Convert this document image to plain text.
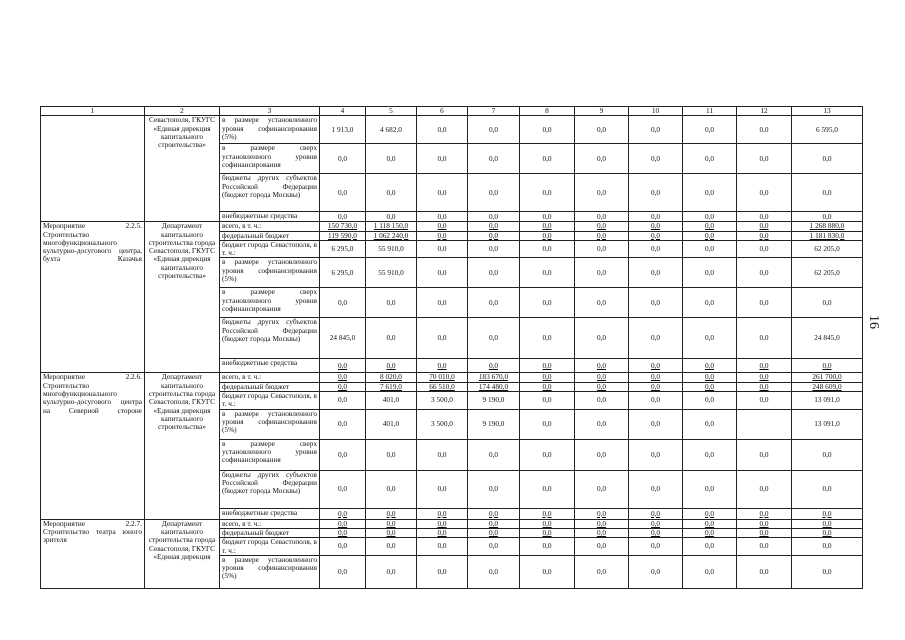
1	2	3	4	5	6	7	8	9	10	11	12	13
	Севастополя, ГКУГС «Единая дирекция капитального строительства»	в размере установленного уровня софинансирования (5%)	1 913,0	4 682,0	0,0	0,0	0,0	0,0	0,0	0,0	0,0	6 595,0
		в размере сверх установленного уровня софинансирования	0,0	0,0	0,0	0,0	0,0	0,0	0,0	0,0	0,0	0,0
		бюджеты других субъектов Российской Федерации (бюджет города Москвы)	0,0	0,0	0,0	0,0	0,0	0,0	0,0	0,0	0,0	0,0
		внебюджетные средства	0,0	0,0	0,0	0,0	0,0	0,0	0,0	0,0	0,0	0,0
Мероприятие 2.2.5. Строительство многофункционального культурно-досугового центра, бухта Казачья	Департамент капитального строительства города Севастополя, ГКУГС «Единая дирекция капитального строительства»	всего, в т. ч.:	150 730,0	1 118 150,0	0,0	0,0	0,0	0,0	0,0	0,0	0,0	1 268 880,0
		федеральный бюджет	119 590,0	1 062 240,0	0,0	0,0	0,0	0,0	0,0	0,0	0,0	1 181 830,0
		бюджет города Севастополя, в т. ч.:	6 295,0	55 910,0	0,0	0,0	0,0	0,0	0,0	0,0	0,0	62 205,0
		в размере установленного уровня софинансирования (5%)	6 295,0	55 910,0	0,0	0,0	0,0	0,0	0,0	0,0	0,0	62 205,0
		в размере сверх установленного уровня софинансирования	0,0	0,0	0,0	0,0	0,0	0,0	0,0	0,0	0,0	0,0
		бюджеты других субъектов Российской Федерации (бюджет города Москвы)	24 845,0	0,0	0,0	0,0	0,0	0,0	0,0	0,0	0,0	24 845,0
		внебюджетные средства	0,0	0,0	0,0	0,0	0,0	0,0	0,0	0,0	0,0	0,0
Мероприятие 2.2.6. Строительство многофункционального культурно-досугового центра на Северной стороне	Департамент капитального строительства города Севастополя, ГКУГС «Единая дирекция капитального строительства»	всего, в т. ч.:	0,0	8 020,0	70 010,0	183 670,0	0,0	0,0	0,0	0,0	0,0	261 700,0
		федеральный бюджет	0,0	7 619,0	66 510,0	174 480,0	0,0	0,0	0,0	0,0	0,0	248 609,0
		бюджет города Севастополя, в т. ч.:	0,0	401,0	3 500,0	9 190,0	0,0	0,0	0,0	0,0	0,0	13 091,0
		в размере установленного уровня софинансирования (5%)	0,0	401,0	3 500,0	9 190,0	0,0	0,0	0,0	0,0		13 091,0
		в размере сверх установленного уровня софинансирования	0,0	0,0	0,0	0,0	0,0	0,0	0,0	0,0	0,0	0,0
		бюджеты других субъектов Российской Федерации (бюджет города Москвы)	0,0	0,0	0,0	0,0	0,0	0,0	0,0	0,0	0,0	0,0
		внебюджетные средства	0,0	0,0	0,0	0,0	0,0	0,0	0,0	0,0	0,0	0,0
Мероприятие 2.2.7. Строительство театра юного зрителя	Департамент капитального строительства города Севастополя, ГКУГС «Единая дирекция	всего, в т. ч.:	0,0	0,0	0,0	0,0	0,0	0,0	0,0	0,0	0,0	0,0
		федеральный бюджет	0,0	0,0	0,0	0,0	0,0	0,0	0,0	0,0	0,0	0,0
		бюджет города Севастополя, в т. ч.:	0,0	0,0	0,0	0,0	0,0	0,0	0,0	0,0	0,0	0,0
		в размере установленного уровня софинансирования (5%)	0,0	0,0	0,0	0,0	0,0	0,0	0,0	0,0	0,0	0,0
16
